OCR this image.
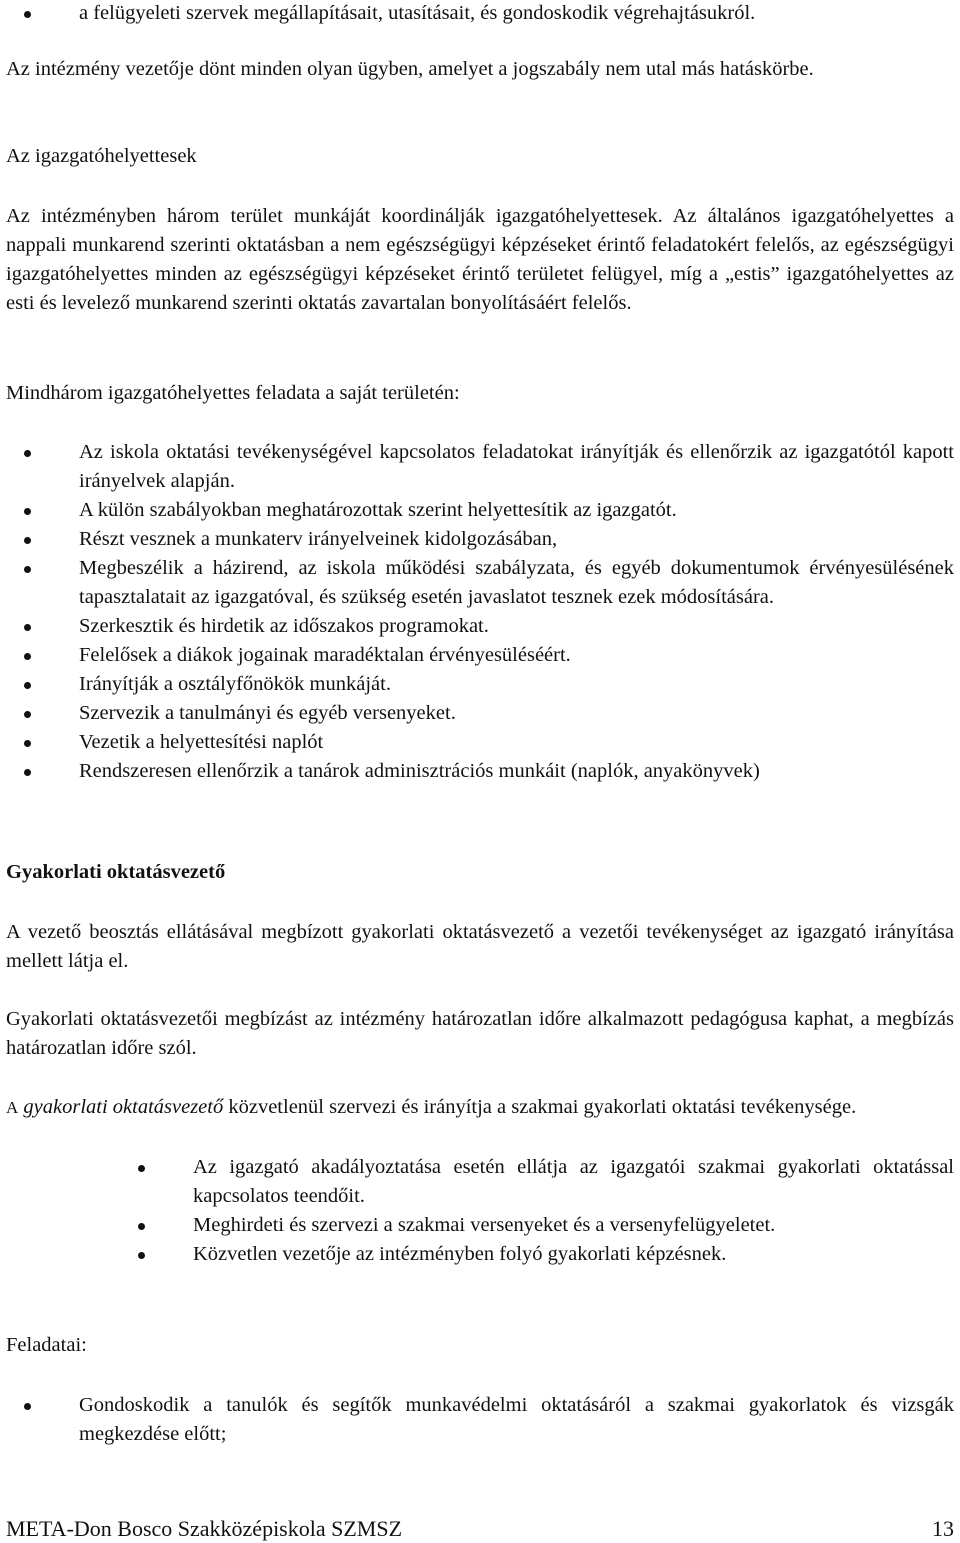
a felügyeleti szervek megállapításait, utasításait, és gondoskodik végrehajtásukról.

Az intézmény vezetője dönt minden olyan ügyben, amelyet a jogszabály nem utal más hatáskörbe.

Az igazgatóhelyettesek

Az intézményben három terület munkáját koordinálják igazgatóhelyettesek. Az általános igazgatóhelyettes a nappali munkarend szerinti oktatásban a nem egészségügyi képzéseket érintő feladatokért felelős, az egészségügyi igazgatóhelyettes minden az egészségügyi képzéseket érintő területet felügyel, míg a „estis” igazgatóhelyettes az esti és levelező munkarend szerinti oktatás zavartalan bonyolításáért felelős.

Mindhárom igazgatóhelyettes feladata a saját területén:

Az iskola oktatási tevékenységével kapcsolatos feladatokat irányítják és ellenőrzik az igazgatótól kapott irányelvek alapján.
A külön szabályokban meghatározottak szerint helyettesítik az igazgatót.
Részt vesznek a munkaterv irányelveinek kidolgozásában,
Megbeszélik a házirend, az iskola működési szabályzata, és egyéb dokumentumok érvényesülésének tapasztalatait az igazgatóval, és szükség esetén javaslatot tesznek ezek módosítására.
Szerkesztik és hirdetik az időszakos programokat.
Felelősek a diákok jogainak maradéktalan érvényesüléséért.
Irányítják a osztályfőnökök munkáját.
Szervezik a tanulmányi és egyéb versenyeket.
Vezetik a helyettesítési naplót
Rendszeresen ellenőrzik a tanárok adminisztrációs munkáit (naplók, anyakönyvek)

Gyakorlati oktatásvezető

A vezető beosztás ellátásával megbízott gyakorlati oktatásvezető a vezetői tevékenységet az igazgató irányítása mellett látja el.

Gyakorlati oktatásvezetői megbízást az intézmény határozatlan időre alkalmazott pedagógusa kaphat, a megbízás határozatlan időre szól.

A gyakorlati oktatásvezető közvetlenül szervezi és irányítja a szakmai gyakorlati oktatási tevékenysége.

Az igazgató akadályoztatása esetén ellátja az igazgatói szakmai gyakorlati oktatással kapcsolatos teendőit.
Meghirdeti és szervezi a szakmai versenyeket és a versenyfelügyeletet.
Közvetlen vezetője az intézményben folyó gyakorlati képzésnek.

Feladatai:

Gondoskodik a tanulók és segítők munkavédelmi oktatásáról a szakmai gyakorlatok és vizsgák megkezdése előtt;
META-Don Bosco Szakközépiskola SZMSZ	13
